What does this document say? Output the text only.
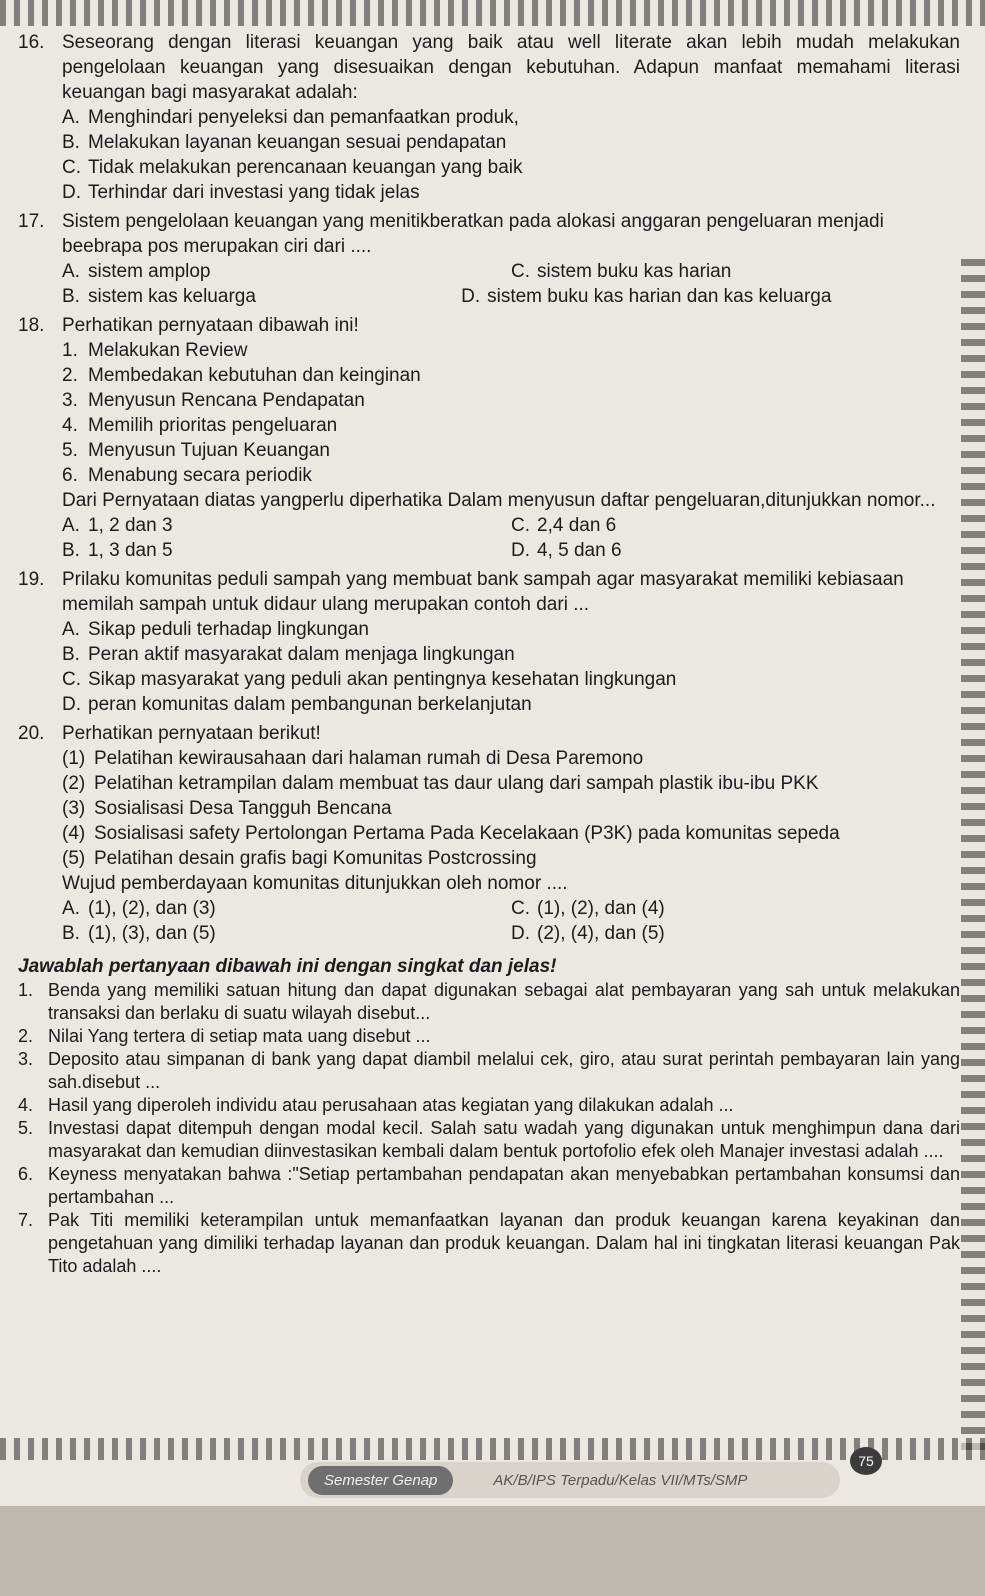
16. Seseorang dengan literasi keuangan yang baik atau well literate akan lebih mudah melakukan pengelolaan keuangan yang disesuaikan dengan kebutuhan. Adapun manfaat memahami literasi keuangan bagi masyarakat adalah:
A. Menghindari penyeleksi dan pemanfaatkan produk,
B. Melakukan layanan keuangan sesuai pendapatan
C. Tidak melakukan perencanaan keuangan yang baik
D. Terhindar dari investasi yang tidak jelas
17. Sistem pengelolaan keuangan yang menitikberatkan pada alokasi anggaran pengeluaran menjadi beebrapa pos merupakan ciri dari ....
A. sistem amplop	C. sistem buku kas harian
B. sistem kas keluarga	D. sistem buku kas harian dan kas keluarga
18. Perhatikan pernyataan dibawah ini!
1. Melakukan Review
2. Membedakan kebutuhan dan keinginan
3. Menyusun Rencana Pendapatan
4. Memilih prioritas pengeluaran
5. Menyusun Tujuan Keuangan
6. Menabung secara periodik
Dari Pernyataan diatas yangperlu diperhatika Dalam menyusun daftar pengeluaran,ditunjukkan nomor...
A. 1, 2 dan 3	C. 2,4 dan 6
B. 1, 3 dan 5	D. 4, 5 dan 6
19. Prilaku komunitas peduli sampah yang membuat bank sampah agar masyarakat memiliki kebiasaan memilah sampah untuk didaur ulang merupakan contoh dari ...
A. Sikap peduli terhadap lingkungan
B. Peran aktif masyarakat dalam menjaga lingkungan
C. Sikap masyarakat yang peduli akan pentingnya kesehatan lingkungan
D. peran komunitas dalam pembangunan berkelanjutan
20. Perhatikan pernyataan berikut!
(1) Pelatihan kewirausahaan dari halaman rumah di Desa Paremono
(2) Pelatihan ketrampilan dalam membuat tas daur ulang dari sampah plastik ibu-ibu PKK
(3) Sosialisasi Desa Tangguh Bencana
(4) Sosialisasi safety Pertolongan Pertama Pada Kecelakaan (P3K) pada komunitas sepeda
(5) Pelatihan desain grafis bagi Komunitas Postcrossing
Wujud pemberdayaan komunitas ditunjukkan oleh nomor ....
A. (1), (2), dan (3)	C. (1), (2), dan (4)
B. (1), (3), dan (5)	D. (2), (4), dan (5)
Jawablah pertanyaan dibawah ini dengan singkat dan jelas!
1. Benda yang memiliki satuan hitung dan dapat digunakan sebagai alat pembayaran yang sah untuk melakukan transaksi dan berlaku di suatu wilayah disebut...
2. Nilai Yang tertera di setiap mata uang disebut ...
3. Deposito atau simpanan di bank yang dapat diambil melalui cek, giro, atau surat perintah pembayaran lain yang sah.disebut ...
4. Hasil yang diperoleh individu atau perusahaan atas kegiatan yang dilakukan adalah ...
5. Investasi dapat ditempuh dengan modal kecil. Salah satu wadah yang digunakan untuk menghimpun dana dari masyarakat dan kemudian diinvestasikan kembali dalam bentuk portofolio efek oleh Manajer investasi adalah ....
6. Keyness menyatakan bahwa :"Setiap pertambahan pendapatan akan menyebabkan pertambahan konsumsi dan pertambahan ...
7. Pak Titi memiliki keterampilan untuk memanfaatkan layanan dan produk keuangan karena keyakinan dan pengetahuan yang dimiliki terhadap layanan dan produk keuangan. Dalam hal ini tingkatan literasi keuangan Pak Tito adalah ....
75
Semester Genap	AK/B/IPS Terpadu/Kelas VII/MTs/SMP
